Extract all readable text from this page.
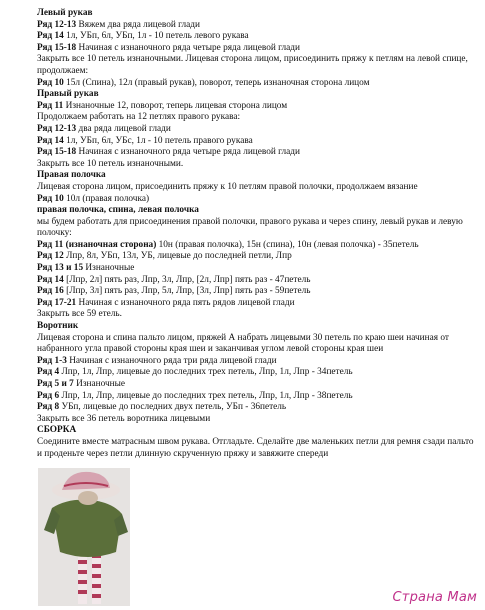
Левый рукав
Ряд 12-13 Вяжем два ряда лицевой глади
Ряд 14 1л, УБп, 6л, УБп, 1л - 10 петель левого рукава
Ряд 15-18 Начиная с изнаночного ряда четыре ряда лицевой глади
Закрыть все 10 петель изнаночными. Лицевая сторона лицом, присоединить пряжу к петлям на левой спице, продолжаем:
Ряд 10 15л (Спина), 12л (правый рукав), поворот, теперь изнаночная сторона лицом
Правый рукав
Ряд 11 Изнаночные 12, поворот, теперь лицевая сторона лицом
Продолжаем работать на 12 петлях правого рукава:
Ряд 12-13 два ряда лицевой глади
Ряд 14 1л, УБп, 6л, УБс, 1л - 10 петель правого рукава
Ряд 15-18 Начиная с изнаночного ряда четыре ряда лицевой глади
Закрыть все 10 петель изнаночными.
Правая полочка
Лицевая сторона лицом, присоединить пряжу к 10 петлям правой полочки, продолжаем вязание
Ряд 10 10л (правая полочка)
правая полочка, спина, левая полочка
мы будем работать для присоединения правой полочки, правого рукава и через спину, левый рукав и левую полочку:
Ряд 11 (изнаночная сторона) 10н (правая полочка), 15н (спина), 10н (левая полочка) - 35петель
Ряд 12 Лпр, 8л, УБп, 13л, УБ, лицевые до последней петли, Лпр
Ряд 13 и 15 Изнаночные
Ряд 14 [Лпр, 2л] пять раз, Лпр, 3л, Лпр, [2л, Лпр] пять раз - 47петель
Ряд 16 [Лпр, 3л] пять раз, Лпр, 5л, Лпр, [3л, Лпр] пять раз - 59петель
Ряд 17-21 Начиная с изнаночного ряда пять рядов лицевой глади
Закрыть все 59 етель.
Воротник
Лицевая сторона и спина пальто лицом, пряжей А набрать лицевыми 30 петель по краю шеи начиная от набранного угла правой стороны края шеи и заканчивая углом левой стороны края шеи
Ряд 1-3 Начиная с изнаночного ряда три ряда лицевой глади
Ряд 4 Лпр, 1л, Лпр, лицевые до последних трех петель, Лпр, 1л, Лпр - 34петель
Ряд 5 и 7 Изнаночные
Ряд 6 Лпр, 1л, Лпр, лицевые до последних трех петель, Лпр, 1л, Лпр - 38петель
Ряд 8 УБп, лицевые до последних двух петель, УБп - 36петель
Закрыть все 36 петель воротника лицевыми
СБОРКА
Соедините вместе матрасным швом рукава. Отгладьте. Сделайте две маленьких петли для ремня сзади пальто и проденьте через петли длинную скрученную пряжу и завяжите спереди
Страна Мам
